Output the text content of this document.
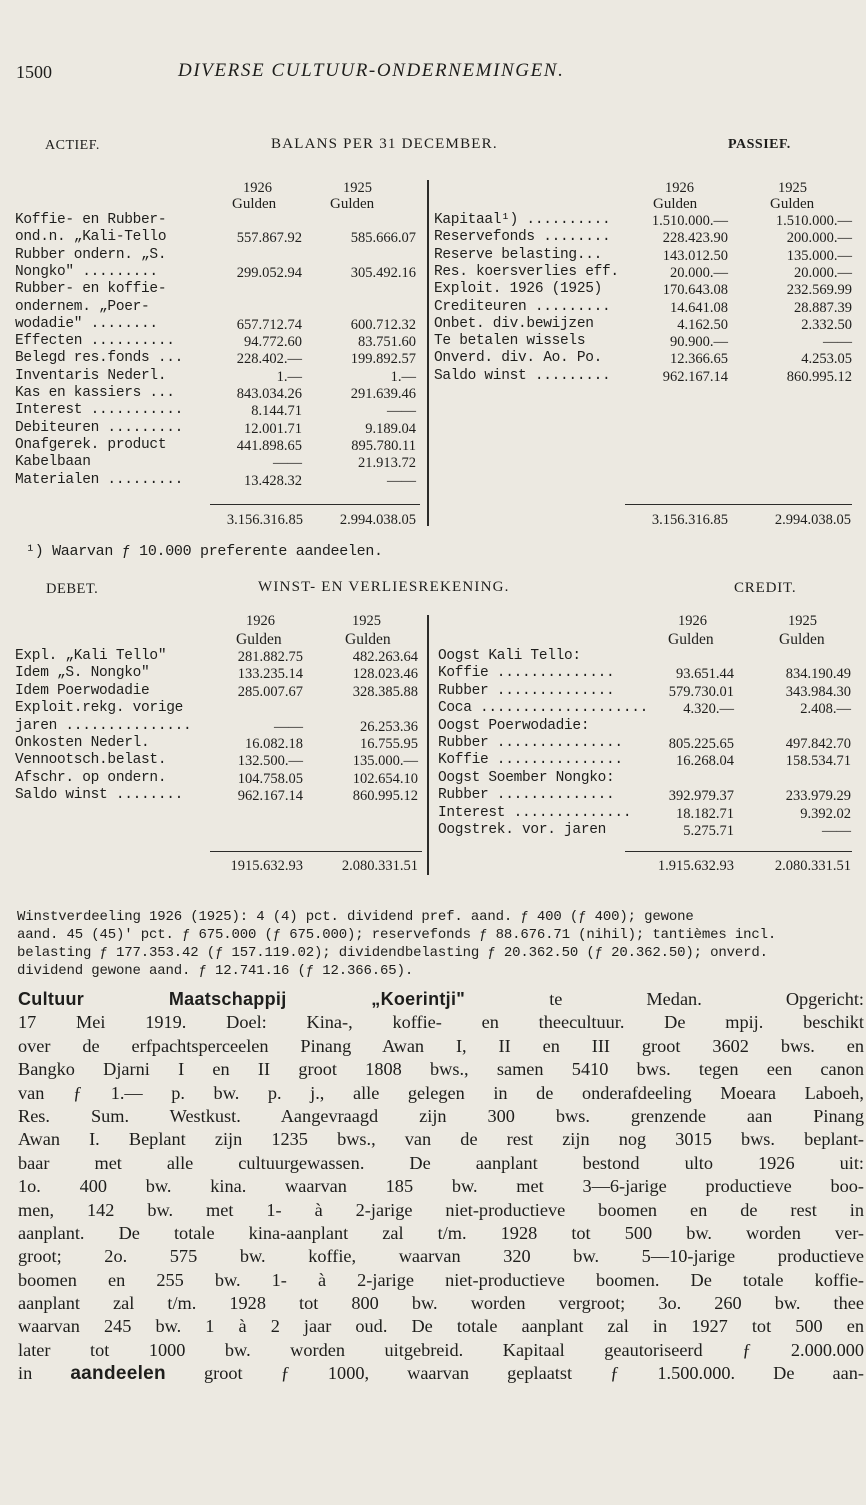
1500	DIVERSE CULTUUR-ONDERNEMINGEN.
ACTIEF.	BALANS PER 31 DECEMBER.	PASSIEF.
1926	1925
Gulden	Gulden
1926	1925
Gulden	Gulden
Koffie- en Rubber-
ond.n. „Kali-Tello	557.867.92	585.666.07
Rubber ondern. „S.
Nongko" .........	299.052.94	305.492.16
Rubber- en koffie-
ondernem. „Poer-
wodadie" ........	657.712.74	600.712.32
Effecten ..........	94.772.60	83.751.60
Belegd res.fonds ...	228.402.—	199.892.57
Inventaris Nederl.	1.—	1.—
Kas en kassiers ...	843.034.26	291.639.46
Interest ...........	8.144.71	——
Debiteuren .........	12.001.71	9.189.04
Onafgerek. product	441.898.65	895.780.11
Kabelbaan	——	21.913.72
Materialen .........	13.428.32	——
Kapitaal¹) ..........	1.510.000.—	1.510.000.—
Reservefonds ........	228.423.90	200.000.—
Reserve belasting...	143.012.50	135.000.—
Res. koersverlies eff.	20.000.—	20.000.—
Exploit. 1926 (1925)	170.643.08	232.569.99
Crediteuren .........	14.641.08	28.887.39
Onbet. div.bewijzen	4.162.50	2.332.50
Te betalen wissels	90.900.—	——
Onverd. div. Ao. Po.	12.366.65	4.253.05
Saldo winst .........	962.167.14	860.995.12
3.156.316.85	2.994.038.05	3.156.316.85	2.994.038.05
¹) Waarvan ƒ 10.000 preferente aandeelen.
DEBET.	WINST- EN VERLIESREKENING.	CREDIT.
1926	1925
Gulden	Gulden
1926	1925
Gulden	Gulden
Expl. „Kali Tello"	281.882.75	482.263.64
Idem „S. Nongko"	133.235.14	128.023.46
Idem Poerwodadie	285.007.67	328.385.88
Exploit.rekg. vorige
jaren ...............	——	26.253.36
Onkosten Nederl.	16.082.18	16.755.95
Vennootsch.belast.	132.500.—	135.000.—
Afschr. op ondern.	104.758.05	102.654.10
Saldo winst ........	962.167.14	860.995.12
Oogst Kali Tello:
Koffie ..............	93.651.44	834.190.49
Rubber ..............	579.730.01	343.984.30
Coca ....................	4.320.—	2.408.—
Oogst Poerwodadie:
Rubber ...............	805.225.65	497.842.70
Koffie ...............	16.268.04	158.534.71
Oogst Soember Nongko:
Rubber ..............	392.979.37	233.979.29
Interest ..............	18.182.71	9.392.02
Oogstrek. vor. jaren	5.275.71	——
1915.632.93	2.080.331.51	1.915.632.93	2.080.331.51
Winstverdeeling 1926 (1925): 4 (4) pct. dividend pref. aand. ƒ 400 (ƒ 400); gewone
aand. 45 (45)' pct. ƒ 675.000 (ƒ 675.000); reservefonds ƒ 88.676.71 (nihil); tantièmes incl.
belasting ƒ 177.353.42 (ƒ 157.119.02); dividendbelasting ƒ 20.362.50 (ƒ 20.362.50); onverd.
dividend gewone aand. ƒ 12.741.16 (ƒ 12.366.65).
Cultuur Maatschappij „Koerintji"	te Medan. Opgericht:
17 Mei 1919. Doel: Kina-, koffie- en theecultuur. De mpij. beschikt
over de erfpachtsperceelen Pinang Awan I, II en III groot 3602 bws. en
Bangko Djarni I en II groot 1808 bws., samen 5410 bws. tegen een canon
van ƒ 1.— p. bw. p. j., alle gelegen in de onderafdeeling Moeara Laboeh,
Res. Sum. Westkust. Aangevraagd zijn 300 bws. grenzende aan Pinang
Awan I. Beplant zijn 1235 bws., van de rest zijn nog 3015 bws. beplant-
baar met alle cultuurgewassen. De aanplant bestond ulto 1926 uit:
1o. 400 bw. kina. waarvan 185 bw. met 3—6-jarige productieve boo-
men, 142 bw. met 1- à 2-jarige niet-productieve boomen en de rest in
aanplant. De totale kina-aanplant zal t/m. 1928 tot 500 bw. worden ver-
groot; 2o. 575 bw. koffie, waarvan 320 bw. 5—10-jarige productieve
boomen en 255 bw. 1- à 2-jarige niet-productieve boomen. De totale koffie-
aanplant zal t/m. 1928 tot 800 bw. worden vergroot; 3o. 260 bw. thee
waarvan 245 bw. 1 à 2 jaar oud. De totale aanplant zal in 1927 tot 500 en
later tot 1000 bw. worden uitgebreid. Kapitaal geautoriseerd ƒ 2.000.000
in aandeelen groot ƒ 1000, waarvan geplaatst ƒ 1.500.000. De aan-
